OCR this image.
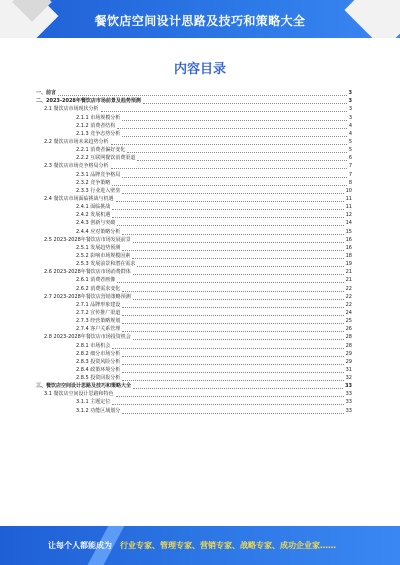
餐饮店空间设计思路及技巧和策略大全
内容目录
一、前言	3
二、2023-2028年餐饮店市场前景及趋势预测	3
2.1 餐饮店市场现状分析	3
2.1.1 市场规模分析	3
2.1.2 消费者结构	4
2.1.3 竞争态势分析	4
2.2 餐饮店市场未来趋势分析	5
2.2.1 消费者偏好变化	5
2.2.2 互联网餐饮消费渠道	6
2.3 餐饮店市场竞争格局分析	7
2.3.1 品牌竞争格局	7
2.3.2 竞争策略	8
2.3.3 行业进入壁垒	10
2.4 餐饮店市场面临挑战与机遇	11
2.4.1 面临挑战	11
2.4.2 发展机遇	12
2.4.3 创新与突破	14
2.4.4 应对策略分析	15
2.5 2023-2028年餐饮店市场发展前景	16
2.5.1 发展趋势预测	16
2.5.2 影响市场规模因素	18
2.5.3 发展前景和潜在需求	19
2.6 2023-2028年餐饮店市场消费群体	21
2.6.1 消费者画像	21
2.6.2 消费需求变化	22
2.7 2023-2028年餐饮店营销策略预测	22
2.7.1 品牌形象建设	22
2.7.2 宣传推广渠道	24
2.7.3 经营策略规划	25
2.7.4 客户关系管理	26
2.8 2023-2028年餐饮店市场投资机会	28
2.8.1 市场机会	28
2.8.2 细分市场分析	29
2.8.3 投资风险分析	29
2.8.4 政策环境分析	31
2.8.5 投资回报分析	32
三、餐饮店空间设计思路及技巧和策略大全	33
3.1 餐饮店空间设计思路和特色	33
3.1.1 主题定位	33
3.1.2 功能区域划分	33
让每个人都能成为 行业专家、管理专家、营销专家、战略专家、成功企业家……
